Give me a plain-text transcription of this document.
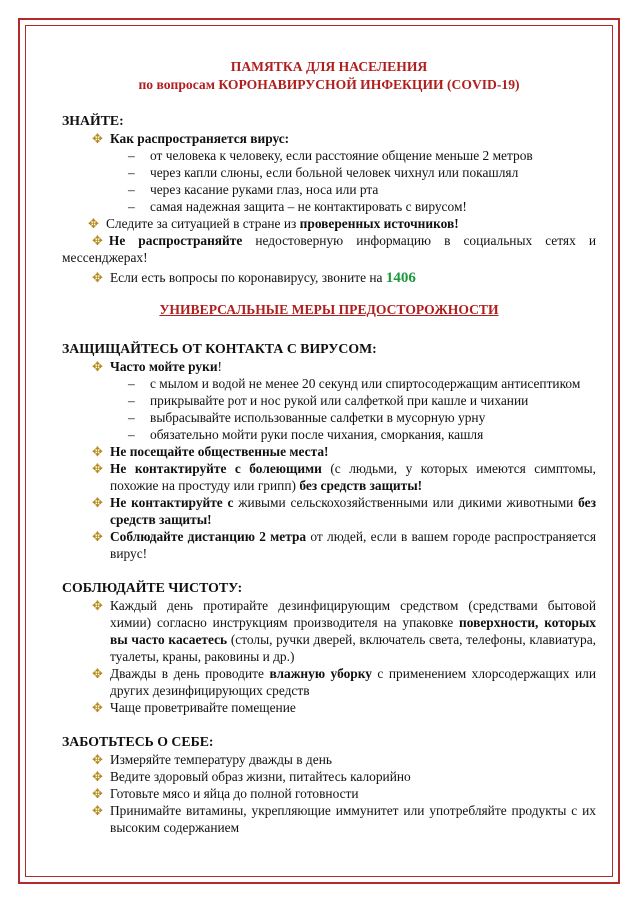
ПАМЯТКА ДЛЯ НАСЕЛЕНИЯ
по вопросам КОРОНАВИРУСНОЙ ИНФЕКЦИИ (COVID-19)
ЗНАЙТЕ:
✥ Как распространяется вирус:
– от человека к человеку, если расстояние общение меньше 2 метров
– через капли слюны, если больной человек чихнул или покашлял
– через касание руками глаз, носа или рта
– самая надежная защита – не контактировать с вирусом!
✥ Следите за ситуацией в стране из проверенных источников!
✥ Не распространяйте недостоверную информацию в социальных сетях и мессенджерах!
✥ Если есть вопросы по коронавирусу, звоните на 1406
УНИВЕРСАЛЬНЫЕ МЕРЫ ПРЕДОСТОРОЖНОСТИ
ЗАЩИЩАЙТЕСЬ ОТ КОНТАКТА С ВИРУСОМ:
✥ Часто мойте руки!
– с мылом и водой не менее 20 секунд или спиртосодержащим антисептиком
– прикрывайте рот и нос рукой или салфеткой при кашле и чихании
– выбрасывайте использованные салфетки в мусорную урну
– обязательно мойти руки после чихания, сморкания, кашля
✥ Не посещайте общественные места!
✥ Не контактируйте с болеющими (с людьми, у которых имеются симптомы, похожие на простуду или грипп) без средств защиты!
✥ Не контактируйте с живыми сельскохозяйственными или дикими животными без средств защиты!
✥ Соблюдайте дистанцию 2 метра от людей, если в вашем городе распространяется вирус!
СОБЛЮДАЙТЕ ЧИСТОТУ:
✥ Каждый день протирайте дезинфицирующим средством (средствами бытовой химии) согласно инструкциям производителя на упаковке поверхности, которых вы часто касаетесь (столы, ручки дверей, включатель света, телефоны, клавиатура, туалеты, краны, раковины и др.)
✥ Дважды в день проводите влажную уборку с применением хлорсодержащих или других дезинфицирующих средств
✥ Чаще проветривайте помещение
ЗАБОТЬТЕСЬ О СЕБЕ:
✥ Измеряйте температуру дважды в день
✥ Ведите здоровый образ жизни, питайтесь калорийно
✥ Готовьте мясо и яйца до полной готовности
✥ Принимайте витамины, укрепляющие иммунитет или употребляйте продукты с их высоким содержанием
